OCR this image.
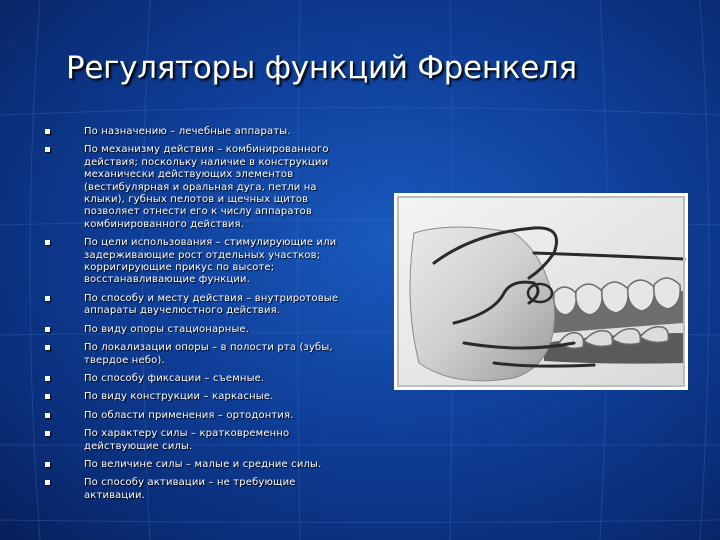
Регуляторы функций Френкеля
По назначению – лечебные аппараты.
По механизму действия – комбинированного действия; поскольку наличие в конструкции механически действующих элементов (вестибулярная и оральная дуга, петли на клыки), губных пелотов и щечных щитов позволяет отнести его к числу аппаратов комбинированного действия.
По цели использования – стимулирующие или задерживающие рост отдельных участков; корригирующие прикус по высоте; восстанавливающие функции.
По способу и месту действия – внутриротовые аппараты двучелюстного действия.
По виду опоры стационарные.
По локализации опоры – в полости рта (зубы, твердое небо).
По способу фиксации – съемные.
По виду конструкции – каркасные.
По области применения – ортодонтия.
По характеру силы – кратковременно действующие силы.
По величине силы – малые и средние силы.
По способу активации – не требующие активации.
